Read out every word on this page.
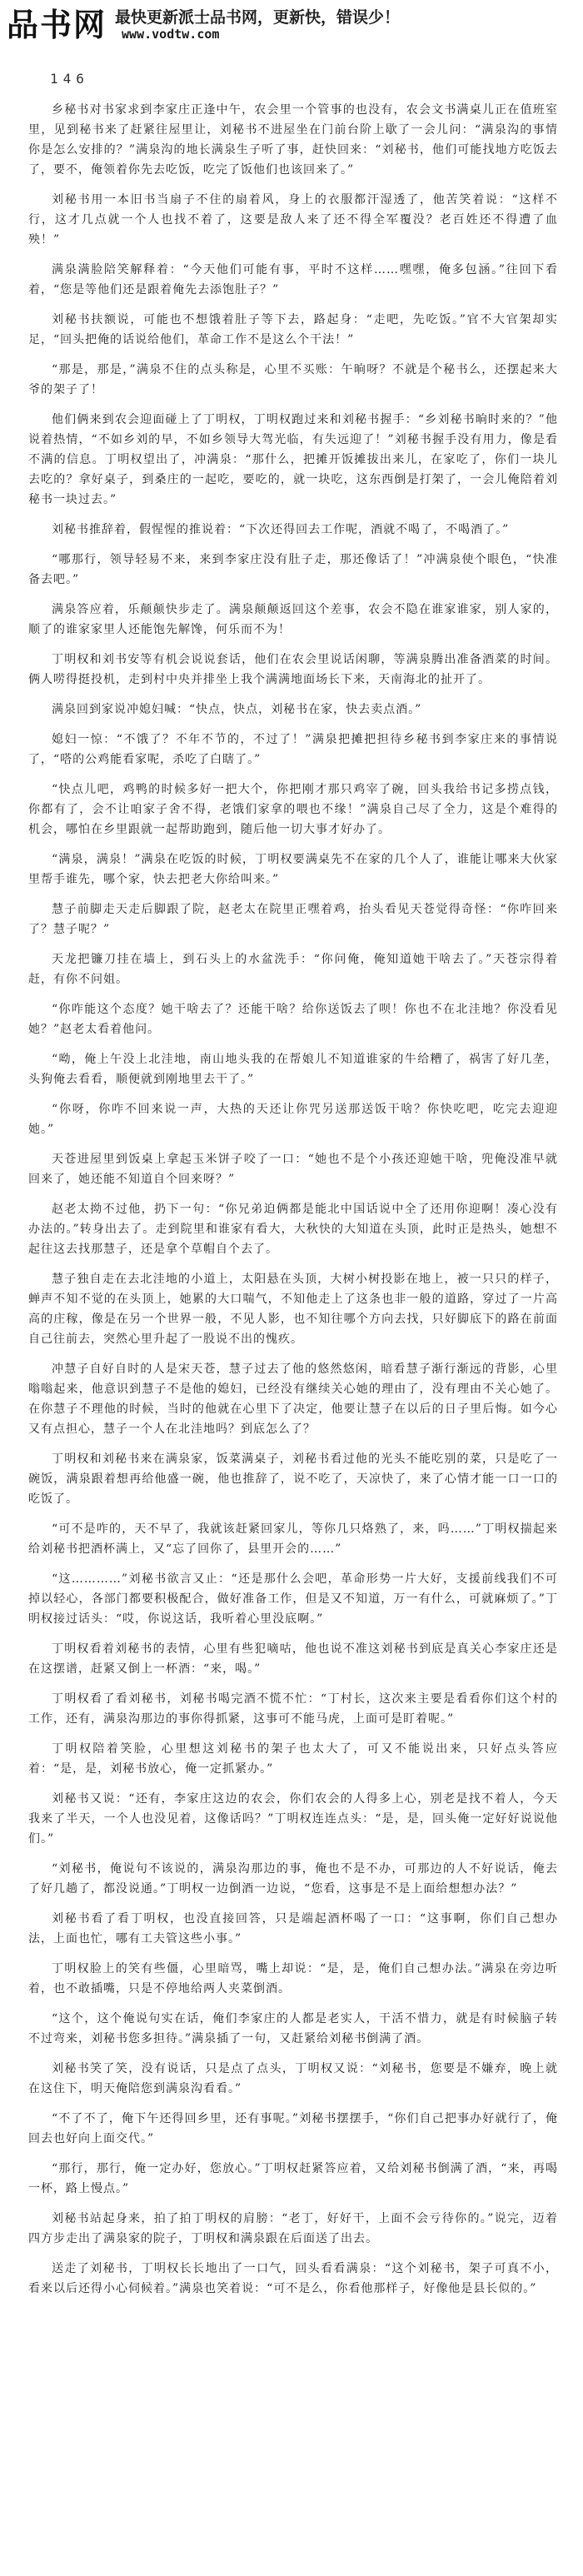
品书网 最快更新派士品书网，更新快，错误少！
www.vodtw.com
146

乡秘书对书家求到李家庄正逢中午，农会里一个管事的也没有，农会文书满桌儿正在值班室里，见到秘书来了赶紧往屋里让，刘秘书不进屋坐在门前台阶上歇了一会儿问：“满泉沟的事情你是怎么安排的？”满泉沟的地长满泉生子听了事，赶快回来：“刘秘书，他们可能找地方吃饭去了，要不，俺领着你先去吃饭，吃完了饭他们也该回来了。”

刘秘书用一本旧书当扇子不住的扇着风，身上的衣服都汗湿透了，他苦笑着说：“这样不行，这才几点就一个人也找不着了，这要是敌人来了还不得全军覆没？老百姓还不得遭了血殃！”

满泉满脸陪笑解释着：“今天他们可能有事，平时不这样……嘿嘿，俺多包涵。”往回下看着，“您是等他们还是跟着俺先去添饱肚子？”

刘秘书扶额说，可能也不想饿着肚子等下去，路起身：“走吧，先吃饭。”官不大官架却实足，“回头把俺的话说给他们，革命工作不是这么个干法！”

“那是，那是，”满泉不住的点头称是，心里不买账：午晌呀？不就是个秘书么，还摆起来大爷的架子了！

他们俩来到农会迎面碰上了丁明权，丁明权跑过来和刘秘书握手：“乡刘秘书晌时来的？”他说着热情，“不如乡刘的早，不如乡领导大驾光临，有失远迎了！”刘秘书握手没有用力，像是看不满的信息。丁明权望出了，冲满泉：“那什么，把摊开饭摊拔出来儿，在家吃了，你们一块儿去吃的？拿好桌子，到桑庄的一起吃，要吃的，就一块吃，这东西倒是打架了，一会儿俺陪着刘秘书一块过去。”

刘秘书推辞着，假惺惺的推说着：“下次还得回去工作呢，酒就不喝了，不喝酒了。”

“哪那行，领导轻易不来，来到李家庄没有肚子走，那还像话了！”冲满泉使个眼色，“快准备去吧。”

满泉答应着，乐颠颠快步走了。满泉颠颠返回这个差事，农会不隐在谁家谁家，别人家的，顺了的谁家家里人还能饱先解馋，何乐而不为！

丁明权和刘书安等有机会说说套话，他们在农会里说话闲聊，等满泉腾出准备酒菜的时间。俩人唠得挺投机，走到村中央并排坐上我个满满地面场长下来，天南海北的扯开了。

满泉回到家说冲媳妇喊：“快点，快点，刘秘书在家，快去卖点酒。”

媳妇一惊：“不饿了？不年不节的，不过了！”满泉把摊把担待乡秘书到李家庄来的事情说了，“嗒的公鸡能看家呢，杀吃了白瞎了。”

“快点儿吧，鸡鸭的时候多好一把大个，你把刚才那只鸡宰了碗，回头我给书记多捞点钱，你都有了，会不让咱家子舍不得，老饿们家拿的喂也不缘！”满泉自己尽了全力，这是个难得的机会，哪怕在乡里跟就一起帮助跑到，随后他一切大事才好办了。

“满泉，满泉！”满泉在吃饭的时候，丁明权要满桌先不在家的几个人了，谁能让哪来大伙家里帮手谁先，哪个家，快去把老大你给叫来。”

慧子前脚走天走后脚跟了院，赵老太在院里正嘿着鸡，抬头看见天苍觉得奇怪：“你咋回来了？慧子呢？”

天龙把镰刀挂在墙上，到石头上的水盆洗手：“你问俺，俺知道她干啥去了。”天苍宗得着赶，有你不问姐。

“你咋能这个态度？她干啥去了？还能干啥？给你送饭去了呗！你也不在北洼地？你没看见她？”赵老太看着他问。

“呦，俺上午没上北洼地，南山地头我的在帮娘儿不知道谁家的牛给糟了，祸害了好几垄，头狗俺去看看，顺便就到刚地里去干了。”

“你呀，你咋不回来说一声，大热的天还让你咒另送那送饭干啥？你快吃吧，吃完去迎迎她。”

天苍进屋里到饭桌上拿起玉米饼子咬了一口：“她也不是个小孩还迎她干啥，兜俺没准早就回来了，她还能不知道自个回来呀？”

赵老太拗不过他，扔下一句：“你兄弟迫俩都是能北中国话说中全了还用你迎啊！凑心没有办法的。”转身出去了。走到院里和谁家有看大，大秋快的大知道在头顶，此时正是热头，她想不起往这去找那慧子，还是拿个草帽自个去了。

慧子独自走在去北洼地的小道上，太阳悬在头顶，大树小树投影在地上，被一只只的样子，蝉声不知不觉的在头顶上，她累的大口喘气，不知他走上了这条也非一般的道路，穿过了一片高高的庄稼，像是在另一个世界一般，不见人影，也不知往哪个方向去找，只好脚底下的路在前面自己往前去，突然心里升起了一股说不出的愧疚。

冲慧子自好自时的人是宋天苍，慧子过去了他的悠然悠闲，暗看慧子渐行渐远的背影，心里嗡嗡起来，他意识到慧子不是他的媳妇，已经没有继续关心她的理由了，没有理由不关心她了。在你慧子不理他的时候，当时的他就在心里下了决定，他要让慧子在以后的日子里后悔。如今心又有点担心，慧子一个人在北洼地吗？到底怎么了？

丁明权和刘秘书来在满泉家，饭菜满桌子，刘秘书看过他的光头不能吃别的菜，只是吃了一碗饭，满泉跟着想再给他盛一碗，他也推辞了，说不吃了，天凉快了，来了心情才能一口一口的吃饭了。

“可不是咋的，天不早了，我就该赶紧回家儿，等你几只烙熟了，来，吗……”丁明权揣起来给刘秘书把酒杯满上，又“忘了回你了，县里开会的……”

“这…………”刘秘书欲言又止：“还是那什么会吧，革命形势一片大好，支援前线我们不可掉以轻心，各部门都要积极配合，做好准备工作，但是又不知道，万一有什么，可就麻烦了。”丁明权接过话头：“哎，你说这话，我听着心里没底啊。”

丁明权看着刘秘书的表情，心里有些犯嘀咕，他也说不准这刘秘书到底是真关心李家庄还是在这摆谱，赶紧又倒上一杯酒：“来，喝。”

丁明权看了看刘秘书，刘秘书喝完酒不慌不忙：“丁村长，这次来主要是看看你们这个村的工作，还有，满泉沟那边的事你得抓紧，这事可不能马虎，上面可是盯着呢。”

丁明权陪着笑脸，心里想这刘秘书的架子也太大了，可又不能说出来，只好点头答应着：“是，是，刘秘书放心，俺一定抓紧办。”

刘秘书又说：“还有，李家庄这边的农会，你们农会的人得多上心，别老是找不着人，今天我来了半天，一个人也没见着，这像话吗？”丁明权连连点头：“是，是，回头俺一定好好说说他们。”

“刘秘书，俺说句不该说的，满泉沟那边的事，俺也不是不办，可那边的人不好说话，俺去了好几趟了，都没说通。”丁明权一边倒酒一边说，“您看，这事是不是上面给想想办法？”

刘秘书看了看丁明权，也没直接回答，只是端起酒杯喝了一口：“这事啊，你们自己想办法，上面也忙，哪有工夫管这些小事。”

丁明权脸上的笑有些僵，心里暗骂，嘴上却说：“是，是，俺们自己想办法。”满泉在旁边听着，也不敢插嘴，只是不停地给两人夹菜倒酒。

“这个，这个俺说句实在话，俺们李家庄的人都是老实人，干活不惜力，就是有时候脑子转不过弯来，刘秘书您多担待。”满泉插了一句，又赶紧给刘秘书倒满了酒。

刘秘书笑了笑，没有说话，只是点了点头，丁明权又说：“刘秘书，您要是不嫌弃，晚上就在这住下，明天俺陪您到满泉沟看看。”

“不了不了，俺下午还得回乡里，还有事呢。”刘秘书摆摆手，“你们自己把事办好就行了，俺回去也好向上面交代。”

“那行，那行，俺一定办好，您放心。”丁明权赶紧答应着，又给刘秘书倒满了酒，“来，再喝一杯，路上慢点。”

刘秘书站起身来，拍了拍丁明权的肩膀：“老丁，好好干，上面不会亏待你的。”说完，迈着四方步走出了满泉家的院子，丁明权和满泉跟在后面送了出去。

送走了刘秘书，丁明权长长地出了一口气，回头看看满泉：“这个刘秘书，架子可真不小，看来以后还得小心伺候着。”满泉也笑着说：“可不是么，你看他那样子，好像他是县长似的。”
